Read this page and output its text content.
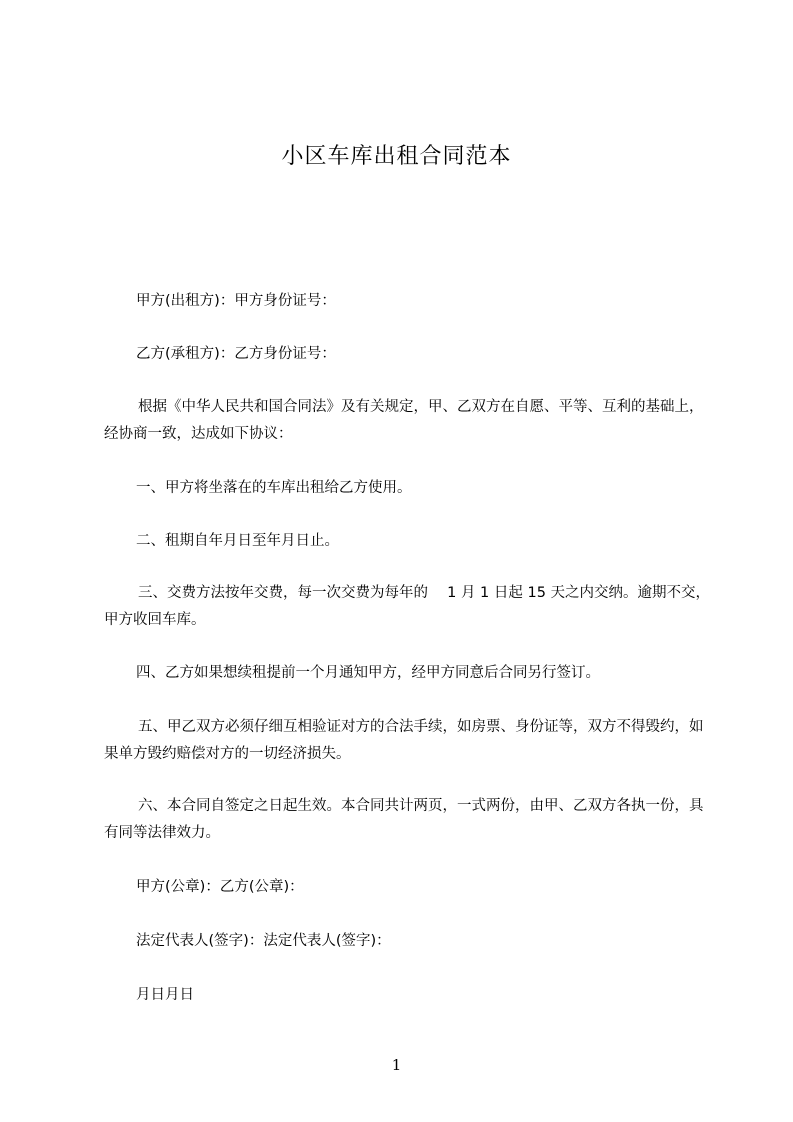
小区车库出租合同范本

甲方(出租方)：甲方身份证号：

乙方(承租方)：乙方身份证号：

根据《中华人民共和国合同法》及有关规定，甲、乙双方在自愿、平等、互利的基础上，经协商一致，达成如下协议：

一、甲方将坐落在的车库出租给乙方使用。

二、租期自年月日至年月日止。

三、交费方法按年交费，每一次交费为每年的　 1 月 1 日起 15 天之内交纳。逾期不交，甲方收回车库。

四、乙方如果想续租提前一个月通知甲方，经甲方同意后合同另行签订。

五、甲乙双方必须仔细互相验证对方的合法手续，如房票、身份证等，双方不得毁约，如果单方毁约赔偿对方的一切经济损失。

六、本合同自签定之日起生效。本合同共计两页，一式两份，由甲、乙双方各执一份，具有同等法律效力。

甲方(公章)：乙方(公章)：

法定代表人(签字)：法定代表人(签字)：

月日月日

1
